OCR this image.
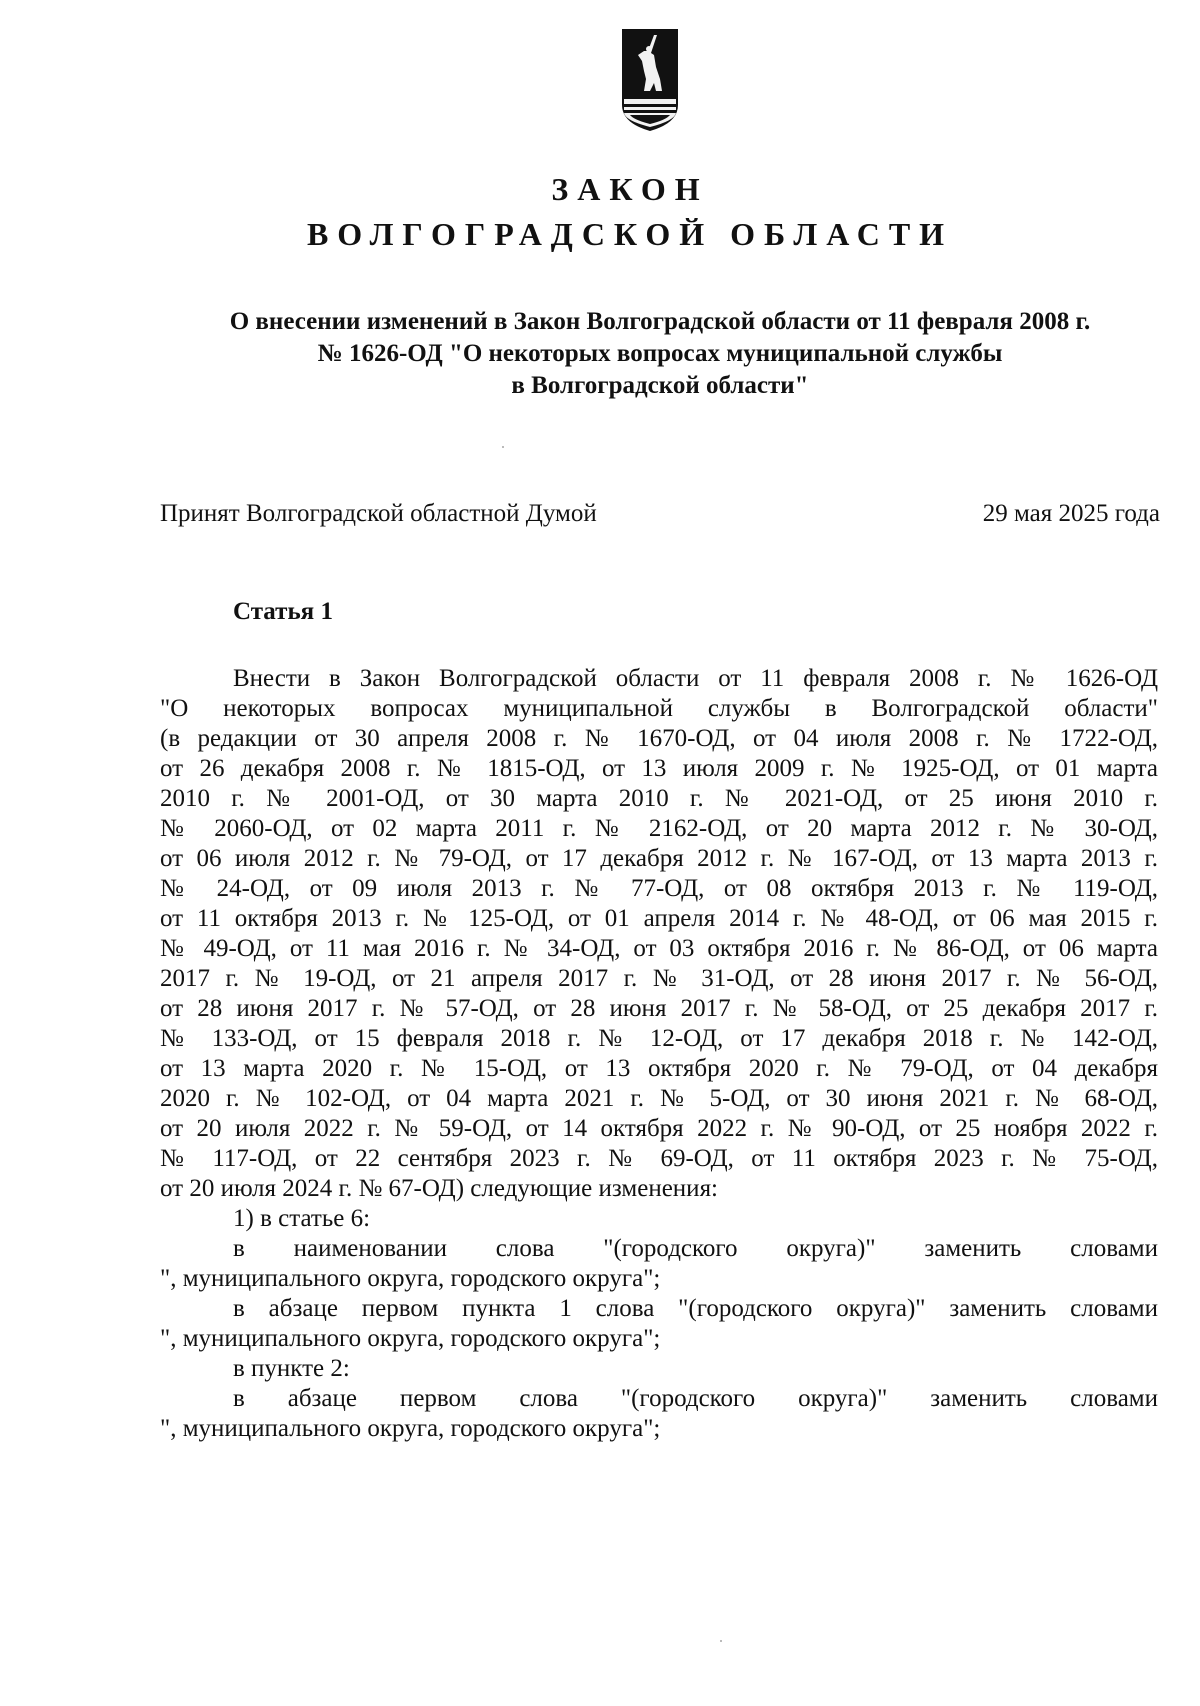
ЗАКОН
ВОЛГОГРАДСКОЙ ОБЛАСТИ
О внесении изменений в Закон Волгоградской области от 11 февраля 2008 г.
№ 1626-ОД "О некоторых вопросах муниципальной службы
в Волгоградской области"
Принят Волгоградской областной Думой	29 мая 2025 года
Статья 1
Внести в Закон Волгоградской области от 11 февраля 2008 г. № 1626-ОД
"О некоторых вопросах муниципальной службы в Волгоградской области"
(в редакции от 30 апреля 2008 г. № 1670-ОД, от 04 июля 2008 г. № 1722-ОД,
от 26 декабря 2008 г. № 1815-ОД, от 13 июля 2009 г. № 1925-ОД, от 01 марта
2010 г. № 2001-ОД, от 30 марта 2010 г. № 2021-ОД, от 25 июня 2010 г.
№ 2060-ОД, от 02 марта 2011 г. № 2162-ОД, от 20 марта 2012 г. № 30-ОД,
от 06 июля 2012 г. № 79-ОД, от 17 декабря 2012 г. № 167-ОД, от 13 марта 2013 г.
№ 24-ОД, от 09 июля 2013 г. № 77-ОД, от 08 октября 2013 г. № 119-ОД,
от 11 октября 2013 г. № 125-ОД, от 01 апреля 2014 г. № 48-ОД, от 06 мая 2015 г.
№ 49-ОД, от 11 мая 2016 г. № 34-ОД, от 03 октября 2016 г. № 86-ОД, от 06 марта
2017 г. № 19-ОД, от 21 апреля 2017 г. № 31-ОД, от 28 июня 2017 г. № 56-ОД,
от 28 июня 2017 г. № 57-ОД, от 28 июня 2017 г. № 58-ОД, от 25 декабря 2017 г.
№ 133-ОД, от 15 февраля 2018 г. № 12-ОД, от 17 декабря 2018 г. № 142-ОД,
от 13 марта 2020 г. № 15-ОД, от 13 октября 2020 г. № 79-ОД, от 04 декабря
2020 г. № 102-ОД, от 04 марта 2021 г. № 5-ОД, от 30 июня 2021 г. № 68-ОД,
от 20 июля 2022 г. № 59-ОД, от 14 октября 2022 г. № 90-ОД, от 25 ноября 2022 г.
№ 117-ОД, от 22 сентября 2023 г. № 69-ОД, от 11 октября 2023 г. № 75-ОД,
от 20 июля 2024 г. № 67-ОД) следующие изменения:
1) в статье 6:
в наименовании слова "(городского округа)" заменить словами
", муниципального округа, городского округа";
в абзаце первом пункта 1 слова "(городского округа)" заменить словами
", муниципального округа, городского округа";
в пункте 2:
в абзаце первом слова "(городского округа)" заменить словами
", муниципального округа, городского округа";
